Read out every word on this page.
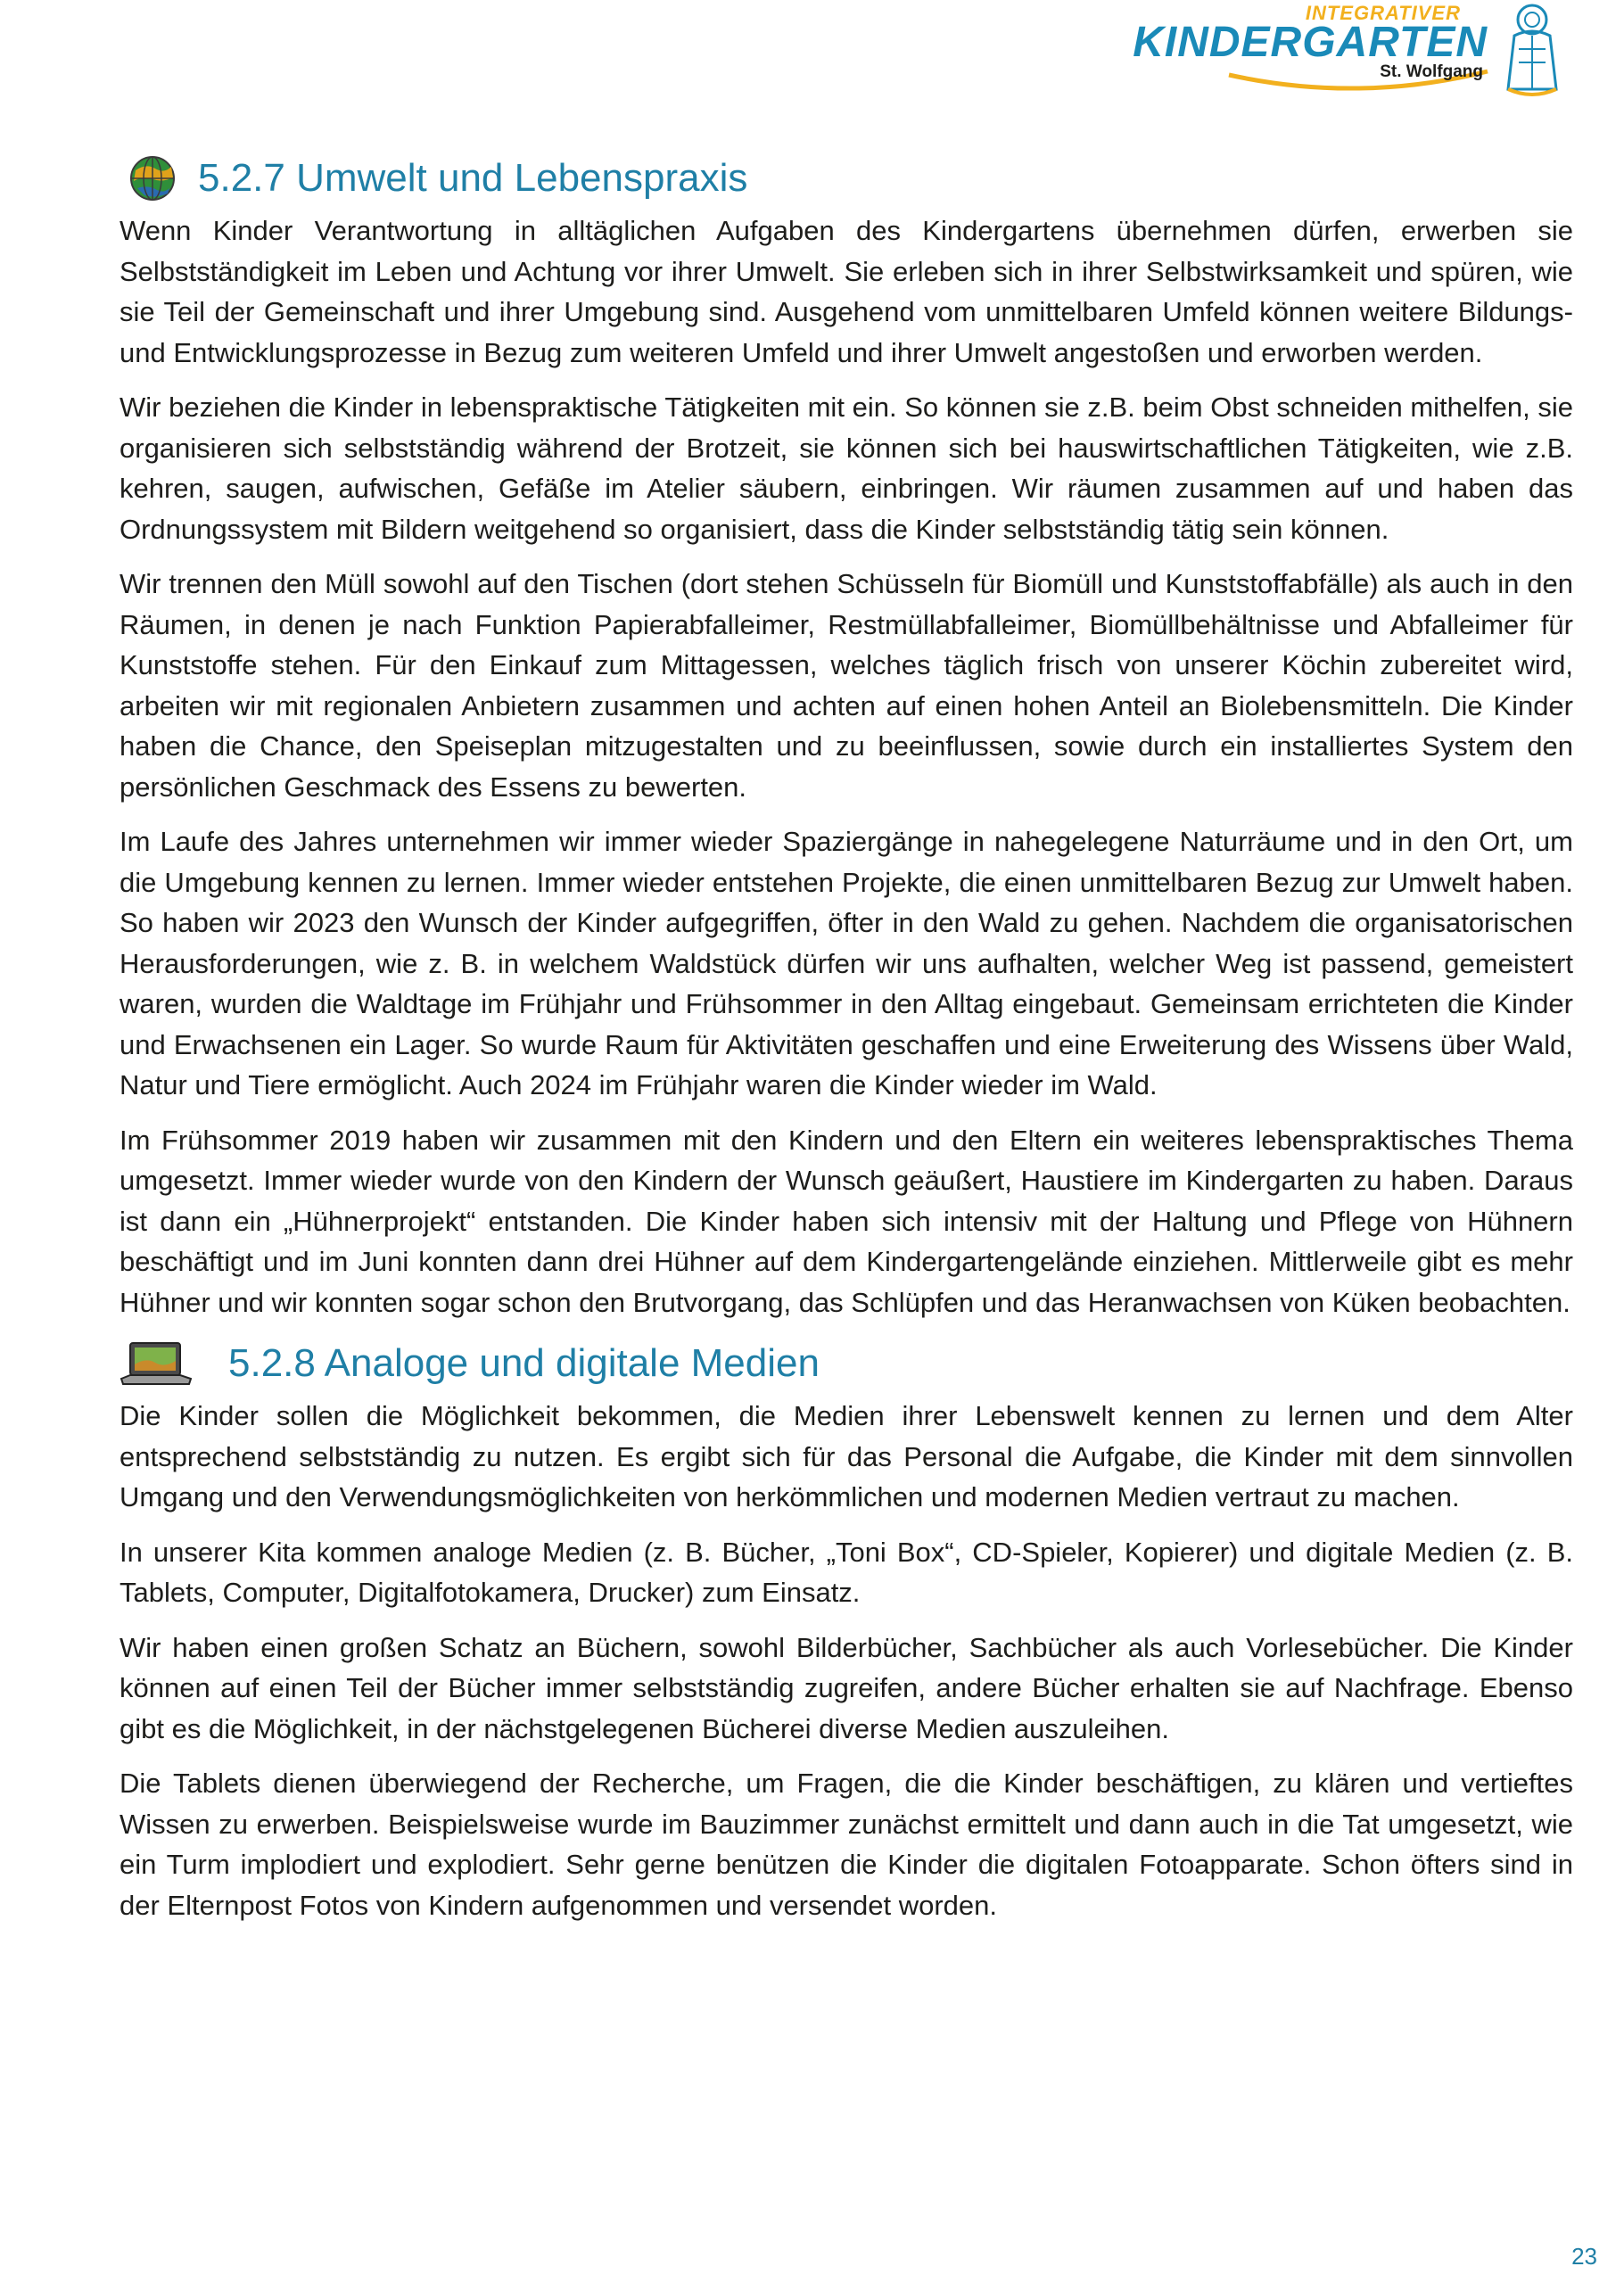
INTEGRATIVER
KINDERGARTEN
St. Wolfgang
5.2.7 Umwelt und Lebenspraxis

Wenn Kinder Verantwortung in alltäglichen Aufgaben des Kindergartens übernehmen dürfen, erwerben sie Selbstständigkeit im Leben und Achtung vor ihrer Umwelt. Sie erleben sich in ihrer Selbstwirksamkeit und spüren, wie sie Teil der Gemeinschaft und ihrer Umgebung sind. Ausgehend vom unmittelbaren Umfeld können weitere Bildungs- und Entwicklungsprozesse in Bezug zum weiteren Umfeld und ihrer Umwelt angestoßen und erworben werden.

Wir beziehen die Kinder in lebenspraktische Tätigkeiten mit ein. So können sie z.B. beim Obst schneiden mithelfen, sie organisieren sich selbstständig während der Brotzeit, sie können sich bei hauswirtschaftlichen Tätigkeiten, wie z.B. kehren, saugen, aufwischen, Gefäße im Atelier säubern, einbringen. Wir räumen zusammen auf und haben das Ordnungssystem mit Bildern weitgehend so organisiert, dass die Kinder selbstständig tätig sein können.

Wir trennen den Müll sowohl auf den Tischen (dort stehen Schüsseln für Biomüll und Kunststoffabfälle) als auch in den Räumen, in denen je nach Funktion Papierabfalleimer, Restmüllabfalleimer, Biomüllbehältnisse und Abfalleimer für Kunststoffe stehen. Für den Einkauf zum Mittagessen, welches täglich frisch von unserer Köchin zubereitet wird, arbeiten wir mit regionalen Anbietern zusammen und achten auf einen hohen Anteil an Biolebensmitteln. Die Kinder haben die Chance, den Speiseplan mitzugestalten und zu beeinflussen, sowie durch ein installiertes System den persönlichen Geschmack des Essens zu bewerten.

Im Laufe des Jahres unternehmen wir immer wieder Spaziergänge in nahegelegene Naturräume und in den Ort, um die Umgebung kennen zu lernen. Immer wieder entstehen Projekte, die einen unmittelbaren Bezug zur Umwelt haben. So haben wir 2023 den Wunsch der Kinder aufgegriffen, öfter in den Wald zu gehen. Nachdem die organisatorischen Herausforderungen, wie z. B. in welchem Waldstück dürfen wir uns aufhalten, welcher Weg ist passend, gemeistert waren, wurden die Waldtage im Frühjahr und Frühsommer in den Alltag eingebaut. Gemeinsam errichteten die Kinder und Erwachsenen ein Lager. So wurde Raum für Aktivitäten geschaffen und eine Erweiterung des Wissens über Wald, Natur und Tiere ermöglicht. Auch 2024 im Frühjahr waren die Kinder wieder im Wald.

Im Frühsommer 2019 haben wir zusammen mit den Kindern und den Eltern ein weiteres lebenspraktisches Thema umgesetzt. Immer wieder wurde von den Kindern der Wunsch geäußert, Haustiere im Kindergarten zu haben. Daraus ist dann ein „Hühnerprojekt“ entstanden. Die Kinder haben sich intensiv mit der Haltung und Pflege von Hühnern beschäftigt und im Juni konnten dann drei Hühner auf dem Kindergartengelände einziehen. Mittlerweile gibt es mehr Hühner und wir konnten sogar schon den Brutvorgang, das Schlüpfen und das Heranwachsen von Küken beobachten.

5.2.8 Analoge und digitale Medien

Die Kinder sollen die Möglichkeit bekommen, die Medien ihrer Lebenswelt kennen zu lernen und dem Alter entsprechend selbstständig zu nutzen. Es ergibt sich für das Personal die Aufgabe, die Kinder mit dem sinnvollen Umgang und den Verwendungsmöglichkeiten von herkömmlichen und modernen Medien vertraut zu machen.

In unserer Kita kommen analoge Medien (z. B. Bücher, „Toni Box“, CD-Spieler, Kopierer) und digitale Medien (z. B. Tablets, Computer, Digitalfotokamera, Drucker) zum Einsatz.

Wir haben einen großen Schatz an Büchern, sowohl Bilderbücher, Sachbücher als auch Vorlesebücher. Die Kinder können auf einen Teil der Bücher immer selbstständig zugreifen, andere Bücher erhalten sie auf Nachfrage. Ebenso gibt es die Möglichkeit, in der nächstgelegenen Bücherei diverse Medien auszuleihen.

Die Tablets dienen überwiegend der Recherche, um Fragen, die die Kinder beschäftigen, zu klären und vertieftes Wissen zu erwerben. Beispielsweise wurde im Bauzimmer zunächst ermittelt und dann auch in die Tat umgesetzt, wie ein Turm implodiert und explodiert. Sehr gerne benützen die Kinder die digitalen Fotoapparate. Schon öfters sind in der Elternpost Fotos von Kindern aufgenommen und versendet worden.

23
